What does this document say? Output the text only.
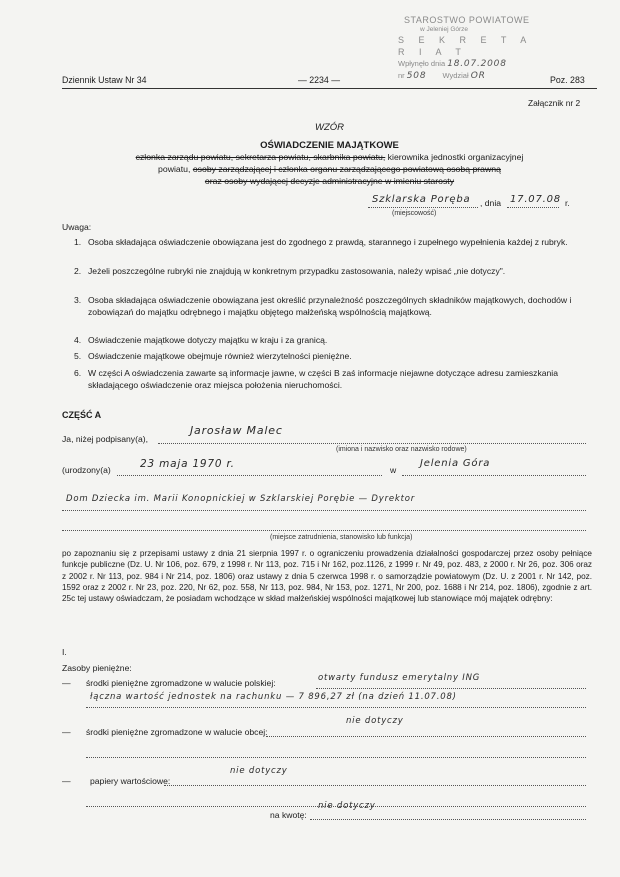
STAROSTWO POWIATOWE
w Jeleniej Górze
S E K R E T A R I A T
Wpłynęło dnia 18.07.2008
nr 508 Wydział OR
Dziennik Ustaw Nr 34	— 2234 —	Poz. 283
Załącznik nr 2
WZÓR
OŚWIADCZENIE MAJĄTKOWE
członka zarządu powiatu, sekretarza powiatu, skarbnika powiatu, kierownika jednostki organizacyjnej
powiatu, osoby zarządzającej i członka organu zarządzającego powiatową osobą prawną
oraz osoby wydającej decyzje administracyjne w imieniu starosty
Szklarska Poręba , dnia 17.07.08 r.
(miejscowość)
Uwaga:
1. Osoba składająca oświadczenie obowiązana jest do zgodnego z prawdą, starannego i zupełnego wypełnienia każdej z rubryk.
2. Jeżeli poszczególne rubryki nie znajdują w konkretnym przypadku zastosowania, należy wpisać „nie dotyczy".
3. Osoba składająca oświadczenie obowiązana jest określić przynależność poszczególnych składników majątkowych, dochodów i zobowiązań do majątku odrębnego i majątku objętego małżeńską wspólnością majątkową.
4. Oświadczenie majątkowe dotyczy majątku w kraju i za granicą.
5. Oświadczenie majątkowe obejmuje również wierzytelności pieniężne.
6. W części A oświadczenia zawarte są informacje jawne, w części B zaś informacje niejawne dotyczące adresu zamieszkania składającego oświadczenie oraz miejsca położenia nieruchomości.
CZĘŚĆ A
Ja, niżej podpisany(a),
Jarosław Malec
(imiona i nazwisko oraz nazwisko rodowe)
(urodzony(a)	23 maja 1970 r.	w
Jelenia Góra
Dom Dziecka im. Marii Konopnickiej w Szklarskiej Porębie — Dyrektor
(miejsce zatrudnienia, stanowisko lub funkcja)
po zapoznaniu się z przepisami ustawy z dnia 21 sierpnia 1997 r. o ograniczeniu prowadzenia działalności gospodarczej przez osoby pełniące funkcje publiczne (Dz. U. Nr 106, poz. 679, z 1998 r. Nr 113, poz. 715 i Nr 162, poz.1126, z 1999 r. Nr 49, poz. 483, z 2000 r. Nr 26, poz. 306 oraz z 2002 r. Nr 113, poz. 984 i Nr 214, poz. 1806) oraz ustawy z dnia 5 czerwca 1998 r. o samorządzie powiatowym (Dz. U. z 2001 r. Nr 142, poz. 1592 oraz z 2002 r. Nr 23, poz. 220, Nr 62, poz. 558, Nr 113, poz. 984, Nr 153, poz. 1271, Nr 200, poz. 1688 i Nr 214, poz. 1806), zgodnie z art. 25c tej ustawy oświadczam, że posiadam wchodzące w skład małżeńskiej wspólności majątkowej lub stanowiące mój majątek odrębny:
I.
Zasoby pieniężne:
— środki pieniężne zgromadzone w walucie polskiej:	otwarty fundusz emerytalny ING
łączna wartość jednostek na rachunku — 7 896,27 zł (na dzień 11.07.08)
— środki pieniężne zgromadzone w walucie obcej:
nie dotyczy
— papiery wartościowe:
nie dotyczy
na kwotę:
nie dotyczy
